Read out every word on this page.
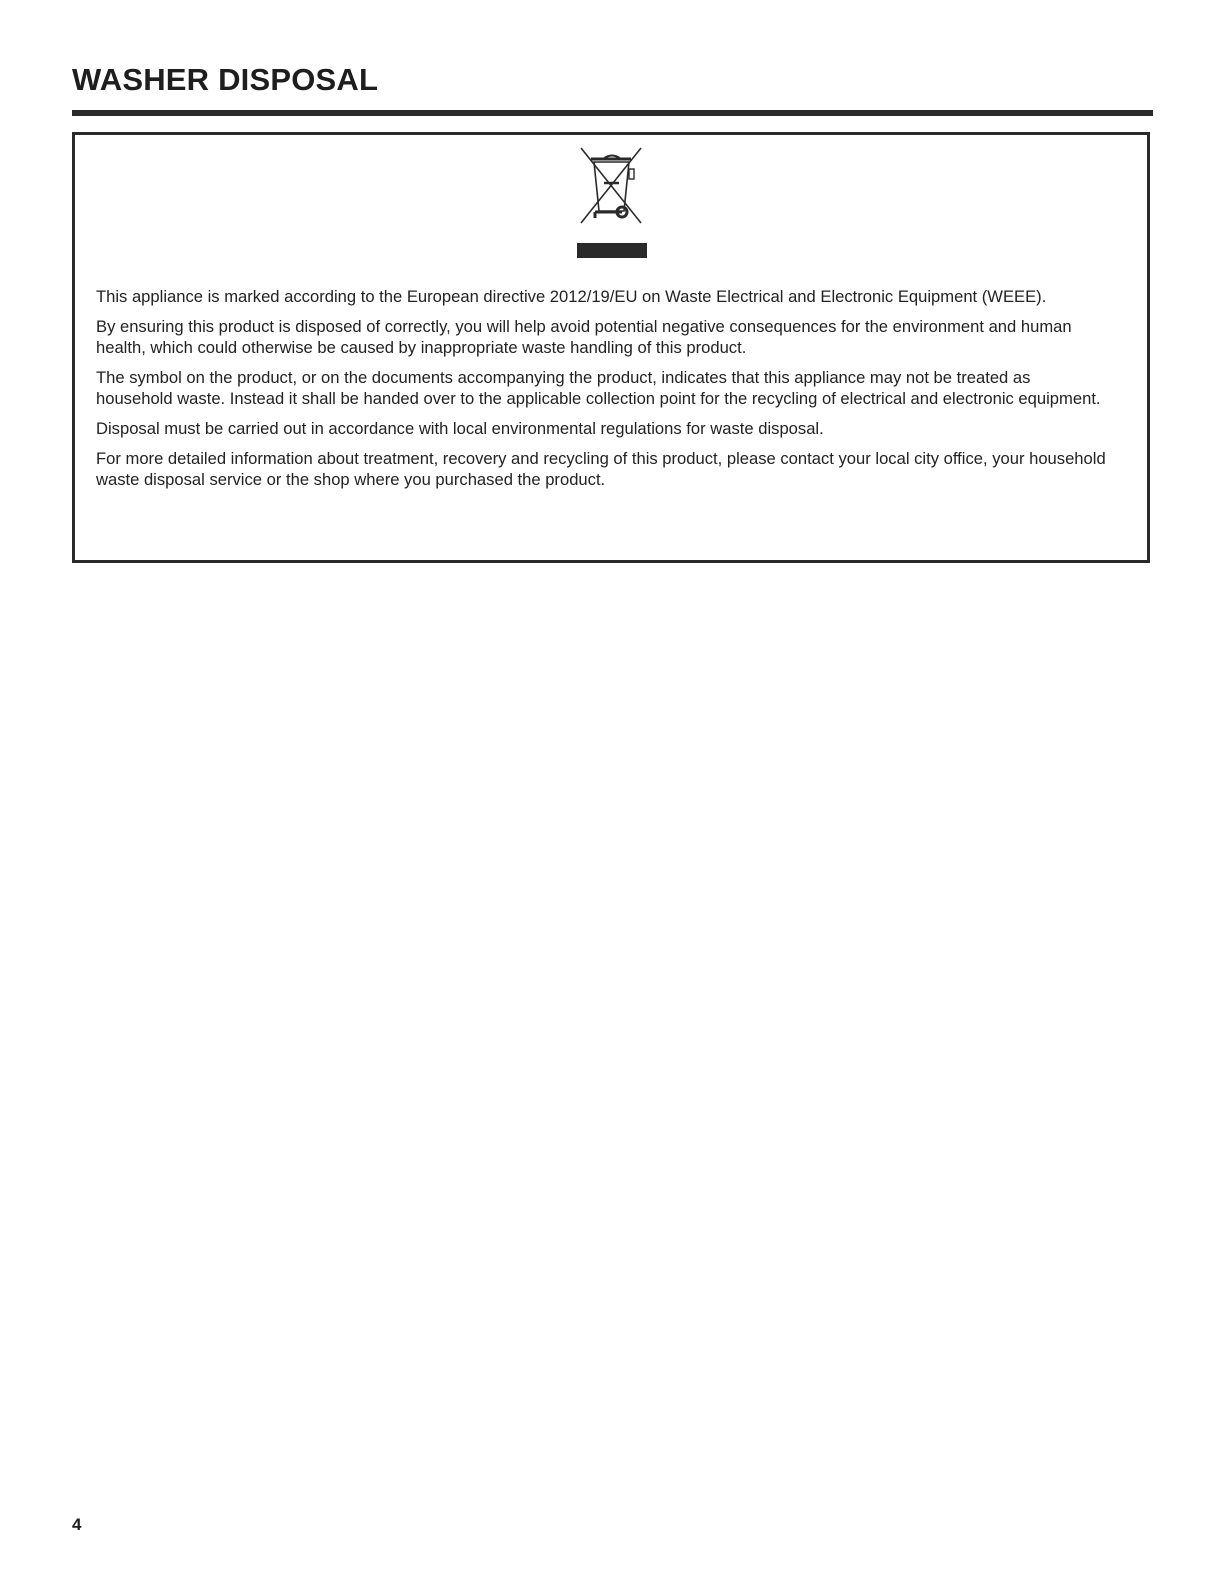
WASHER DISPOSAL

This appliance is marked according to the European directive 2012/19/EU on Waste Electrical and Electronic Equipment (WEEE).

By ensuring this product is disposed of correctly, you will help avoid potential negative consequences for the environment and human health, which could otherwise be caused by inappropriate waste handling of this product.

The symbol on the product, or on the documents accompanying the product, indicates that this appliance may not be treated as household waste. Instead it shall be handed over to the applicable collection point for the recycling of electrical and electronic equipment.

Disposal must be carried out in accordance with local environmental regulations for waste disposal.

For more detailed information about treatment, recovery and recycling of this product, please contact your local city office, your household waste disposal service or the shop where you purchased the product.

4
